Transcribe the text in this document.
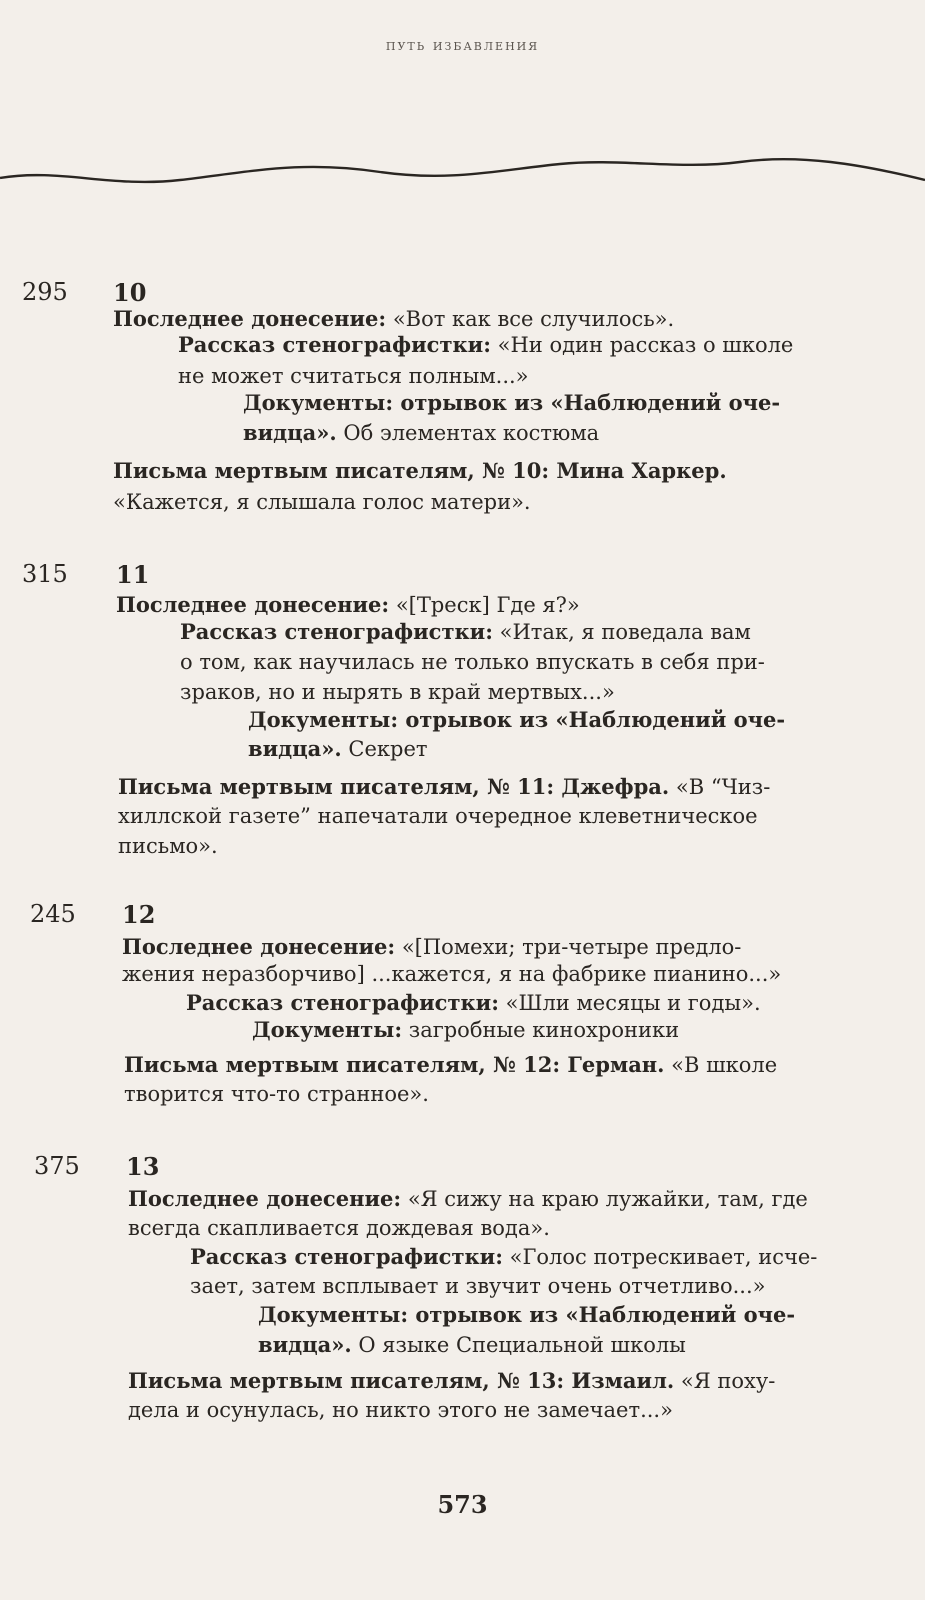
путь избавления
295 10
Последнее донесение: «Вот как все случилось».
Рассказ стенографистки: «Ни один рассказ о школе
не может считаться полным...»
Документы: отрывок из «Наблюдений оче-
видца». Об элементах костюма
Письма мертвым писателям, № 10: Мина Харкер.
«Кажется, я слышала голос матери».
315 11
Последнее донесение: «[Треск] Где я?»
Рассказ стенографистки: «Итак, я поведала вам
о том, как научилась не только впускать в себя при-
зраков, но и нырять в край мертвых...»
Документы: отрывок из «Наблюдений оче-
видца». Секрет
Письма мертвым писателям, № 11: Джефра. «В “Чиз-
хиллской газете” напечатали очередное клеветническое
письмо».
245 12
Последнее донесение: «[Помехи; три-четыре предло-
жения неразборчиво] ...кажется, я на фабрике пианино...»
Рассказ стенографистки: «Шли месяцы и годы».
Документы: загробные кинохроники
Письма мертвым писателям, № 12: Герман. «В школе
творится что-то странное».
375 13
Последнее донесение: «Я сижу на краю лужайки, там, где
всегда скапливается дождевая вода».
Рассказ стенографистки: «Голос потрескивает, исче-
зает, затем всплывает и звучит очень отчетливо...»
Документы: отрывок из «Наблюдений оче-
видца». О языке Специальной школы
Письма мертвым писателям, № 13: Измаил. «Я поху-
дела и осунулась, но никто этого не замечает...»
573
